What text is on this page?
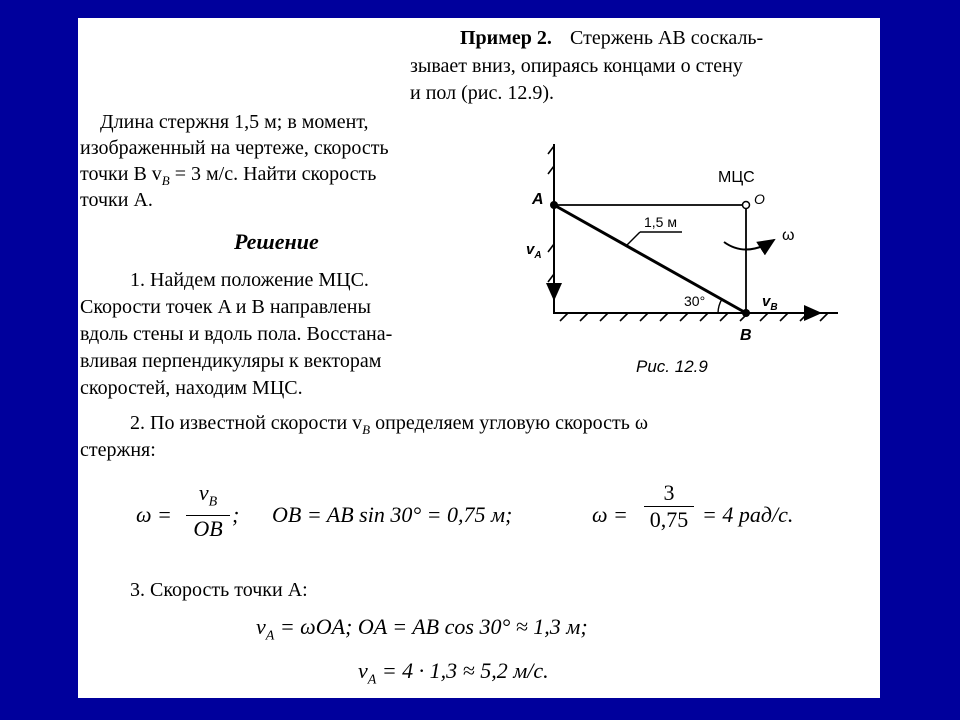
Пример 2. Стержень AB соскаль-
зывает вниз, опираясь концами о стену
и пол (рис. 12.9).
Длина стержня 1,5 м; в момент,
изображенный на чертеже, скорость
точки B $v_B = 3$ м/с. Найти скорость
точки A.
Решение
1. Найдем положение МЦС.
Скорости точек A и B направлены
вдоль стены и вдоль пола. Восстана-
вливая перпендикуляры к векторам
скоростей, находим МЦС.
2. По известной скорости $v_B$ определяем угловую скорость ω
стержня:
ω =
$v_B$
OB
; OB = AB sin 30° = 0,75 м;	ω =
3
0,75 = 4 рад/с.
3. Скорость точки A:
$v_A = \omega OA$; OA = AB cos 30° ≈ 1,3 м;
$v_A = 4 \cdot 1,3 \approx 5,2$ м/с.
МЦС
A	O
B
1,5 м
30°
ω
$v_A$
$v_B$
Рис. 12.9
